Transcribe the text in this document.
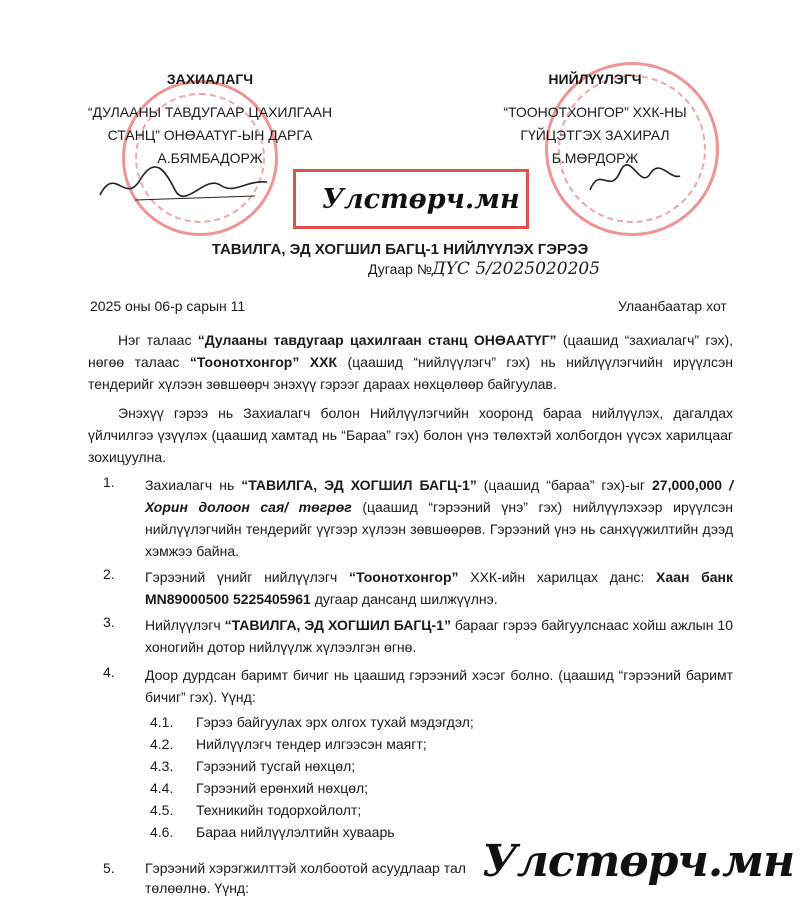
ЗАХИАЛАГЧ
“ДУЛААНЫ ТАВДУГААР ЦАХИЛГААН
СТАНЦ” ОНӨААТҮГ-ЫН ДАРГА
А.БЯМБАДОРЖ
НИЙЛҮҮЛЭГЧ
“ТООНОТХОНГОР” ХХК-НЫ
ГҮЙЦЭТГЭХ ЗАХИРАЛ
Б.МӨРДОРЖ
Улстөрч.мн
ТАВИЛГА, ЭД ХОГШИЛ БАГЦ-1 НИЙЛҮҮЛЭХ ГЭРЭЭ
Дугаар №ДҮС 5/2025020205
2025 оны 06-р сарын 11	Улаанбаатар хот
Нэг талаас “Дулааны тавдугаар цахилгаан станц ОНӨААТҮГ” (цаашид “захиалагч” гэх), нөгөө талаас “Тоонотхонгор” ХХК (цаашид “нийлүүлэгч” гэх) нь нийлүүлэгчийн ирүүлсэн тендерийг хүлээн зөвшөөрч энэхүү гэрээг дараах нөхцөлөөр байгуулав.
Энэхүү гэрээ нь Захиалагч болон Нийлүүлэгчийн хооронд бараа нийлүүлэх, дагалдах үйлчилгээ үзүүлэх (цаашид хамтад нь “Бараа” гэх) болон үнэ төлөхтэй холбогдон үүсэх харилцааг зохицуулна.
1. Захиалагч нь “ТАВИЛГА, ЭД ХОГШИЛ БАГЦ-1” (цаашид “бараа” гэх)-ыг 27,000,000 /Хорин долоон сая/ төгрөг (цаашид “гэрээний үнэ” гэх) нийлүүлэхээр ирүүлсэн нийлүүлэгчийн тендерийг үүгээр хүлээн зөвшөөрөв. Гэрээний үнэ нь санхүүжилтийн дээд хэмжээ байна.
2. Гэрээний үнийг нийлүүлэгч “Тоонотхонгор” ХХК-ийн харилцах данс: Хаан банк MN89000500 5225405961 дугаар дансанд шилжүүлнэ.
3. Нийлүүлэгч “ТАВИЛГА, ЭД ХОГШИЛ БАГЦ-1” барааг гэрээ байгуулснаас хойш ажлын 10 хоногийн дотор нийлүүлж хүлээлгэн өгнө.
4. Доор дурдсан баримт бичиг нь цаашид гэрээний хэсэг болно. (цаашид “гэрээний баримт бичиг” гэх). Үүнд:
4.1. Гэрээ байгуулах эрх олгох тухай мэдэгдэл;
4.2. Нийлүүлэгч тендер илгээсэн маягт;
4.3. Гэрээний тусгай нөхцөл;
4.4. Гэрээний ерөнхий нөхцөл;
4.5. Техникийн тодорхойлолт;
4.6. Бараа нийлүүлэлтийн хуваарь
5. Гэрээний хэрэгжилттэй холбоотой асуудлаар тал
төлөөлнө. Үүнд:
Улстөрч.мн
